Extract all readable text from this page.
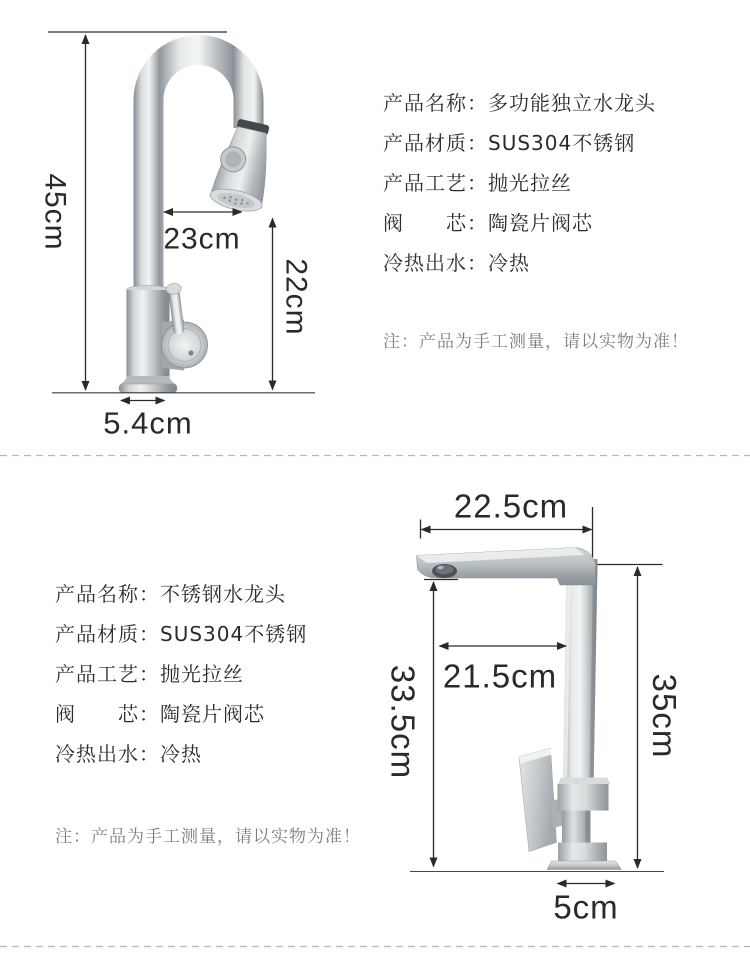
45cm	23cm
22cm
5.4cm
22.5cm
21.5cm
33.5cm	35cm
5cm
产品名称： 多功能独立水龙头
产品材质： SUS304不锈钢
产品工艺： 抛光拉丝
阀　　芯： 陶瓷片阀芯
冷热出水： 冷热
注：产品为手工测量，请以实物为准！
产品名称： 不锈钢水龙头
产品材质： SUS304不锈钢
产品工艺： 抛光拉丝
阀　　芯： 陶瓷片阀芯
冷热出水： 冷热
注：产品为手工测量，请以实物为准！
